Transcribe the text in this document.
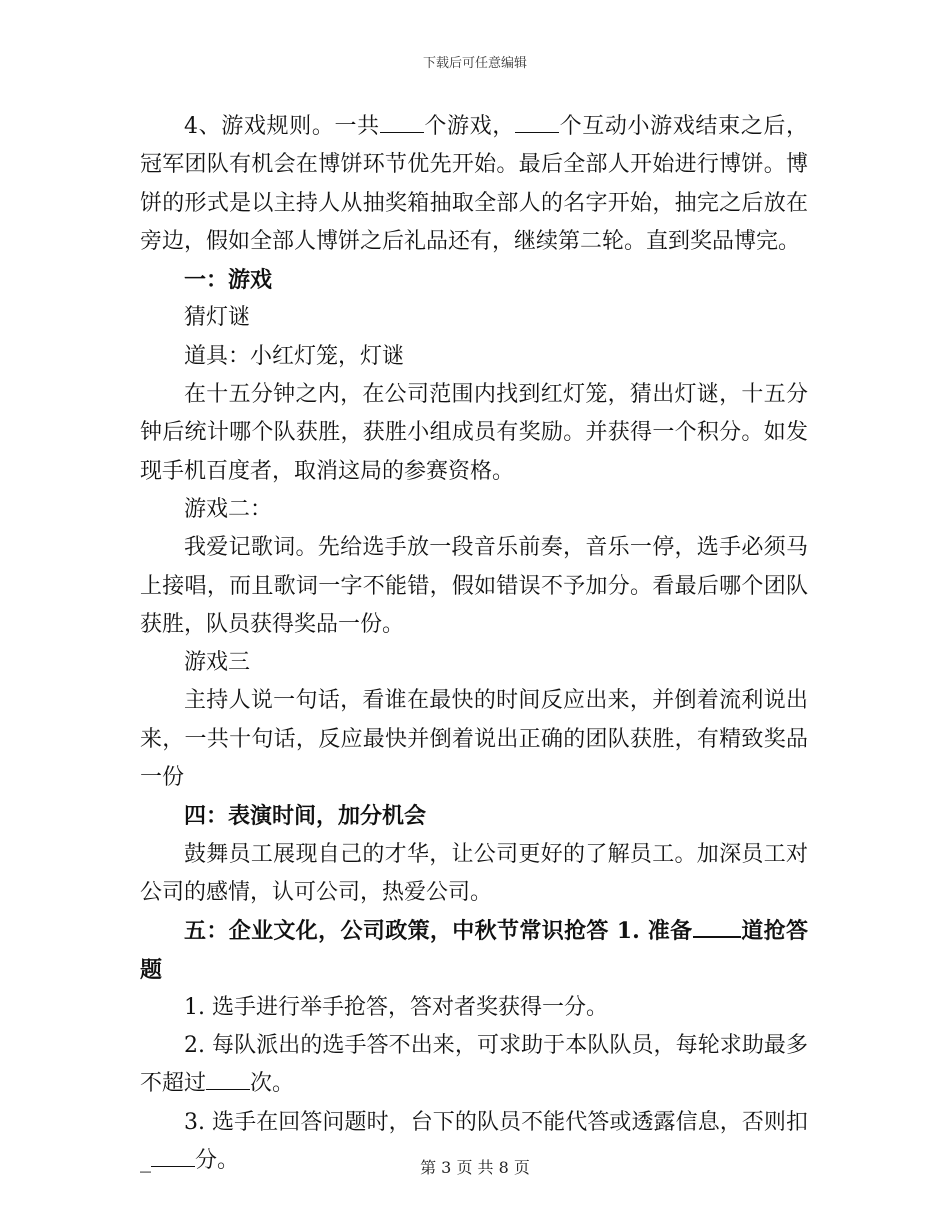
下载后可任意编辑

4、游戏规则。一共 个游戏， 个互动小游戏结束之后，冠军团队有机会在博饼环节优先开始。最后全部人开始进行博饼。博饼的形式是以主持人从抽奖箱抽取全部人的名字开始，抽完之后放在旁边，假如全部人博饼之后礼品还有，继续第二轮。直到奖品博完。

一：游戏

猜灯谜

道具：小红灯笼，灯谜

在十五分钟之内，在公司范围内找到红灯笼，猜出灯谜，十五分钟后统计哪个队获胜，获胜小组成员有奖励。并获得一个积分。如发现手机百度者，取消这局的参赛资格。

游戏二：

我爱记歌词。先给选手放一段音乐前奏，音乐一停，选手必须马上接唱，而且歌词一字不能错，假如错误不予加分。看最后哪个团队获胜，队员获得奖品一份。

游戏三

主持人说一句话，看谁在最快的时间反应出来，并倒着流利说出来，一共十句话，反应最快并倒着说出正确的团队获胜，有精致奖品一份

四：表演时间，加分机会

鼓舞员工展现自己的才华，让公司更好的了解员工。加深员工对公司的感情，认可公司，热爱公司。

五：企业文化，公司政策，中秋节常识抢答 1. 准备 道抢答题

1. 选手进行举手抢答，答对者奖获得一分。

2. 每队派出的选手答不出来，可求助于本队队员，每轮求助最多不超过 次。

3. 选手在回答问题时，台下的队员不能代答或透露信息，否则扣_ 分。	第 3 页 共 8 页
